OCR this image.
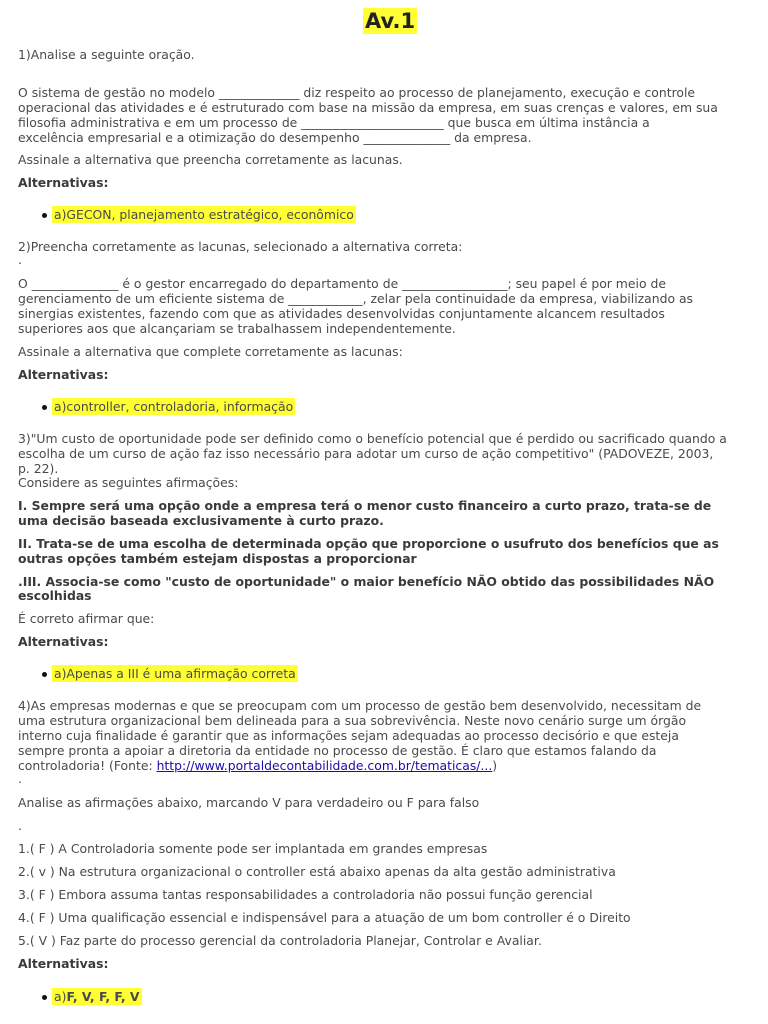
Av.1

1)Analise a seguinte oração.

O sistema de gestão no modelo _____________ diz respeito ao processo de planejamento, execução e controle

operacional das atividades e é estruturado com base na missão da empresa, em suas crenças e valores, em sua

filosofia administrativa e em um processo de _______________________ que busca em última instância a

excelência empresarial e a otimização do desempenho ______________ da empresa.

Assinale a alternativa que preencha corretamente as lacunas.

Alternativas:

a)GECON, planejamento estratégico, econômico

2)Preencha corretamente as lacunas, selecionado a alternativa correta:

.

O ______________ é o gestor encarregado do departamento de _________________; seu papel é por meio de

gerenciamento de um eficiente sistema de ____________, zelar pela continuidade da empresa, viabilizando as

sinergias existentes, fazendo com que as atividades desenvolvidas conjuntamente alcancem resultados

superiores aos que alcançariam se trabalhassem independentemente.

Assinale a alternativa que complete corretamente as lacunas:

Alternativas:

a)controller, controladoria, informação

3)"Um custo de oportunidade pode ser definido como o benefício potencial que é perdido ou sacrificado quando a

escolha de um curso de ação faz isso necessário para adotar um curso de ação competitivo" (PADOVEZE, 2003,

p. 22).

Considere as seguintes afirmações:

I. Sempre será uma opção onde a empresa terá o menor custo financeiro a curto prazo, trata-se de

uma decisão baseada exclusivamente à curto prazo.

II. Trata-se de uma escolha de determinada opção que proporcione o usufruto dos benefícios que as

outras opções também estejam dispostas a proporcionar

.III. Associa-se como "custo de oportunidade" o maior benefício NÃO obtido das possibilidades NÃO

escolhidas

É correto afirmar que:

Alternativas:

a)Apenas a III é uma afirmação correta

4)As empresas modernas e que se preocupam com um processo de gestão bem desenvolvido, necessitam de

uma estrutura organizacional bem delineada para a sua sobrevivência. Neste novo cenário surge um órgão

interno cuja finalidade é garantir que as informações sejam adequadas ao processo decisório e que esteja

sempre pronta a apoiar a diretoria da entidade no processo de gestão. É claro que estamos falando da

controladoria! (Fonte: http://www.portaldecontabilidade.com.br/tematicas/...)

.

Analise as afirmações abaixo, marcando V para verdadeiro ou F para falso

.

1.( F ) A Controladoria somente pode ser implantada em grandes empresas

2.( v ) Na estrutura organizacional o controller está abaixo apenas da alta gestão administrativa

3.( F ) Embora assuma tantas responsabilidades a controladoria não possui função gerencial

4.( F ) Uma qualificação essencial e indispensável para a atuação de um bom controller é o Direito

5.( V ) Faz parte do processo gerencial da controladoria Planejar, Controlar e Avaliar.

Alternativas:

a)F, V, F, F, V
